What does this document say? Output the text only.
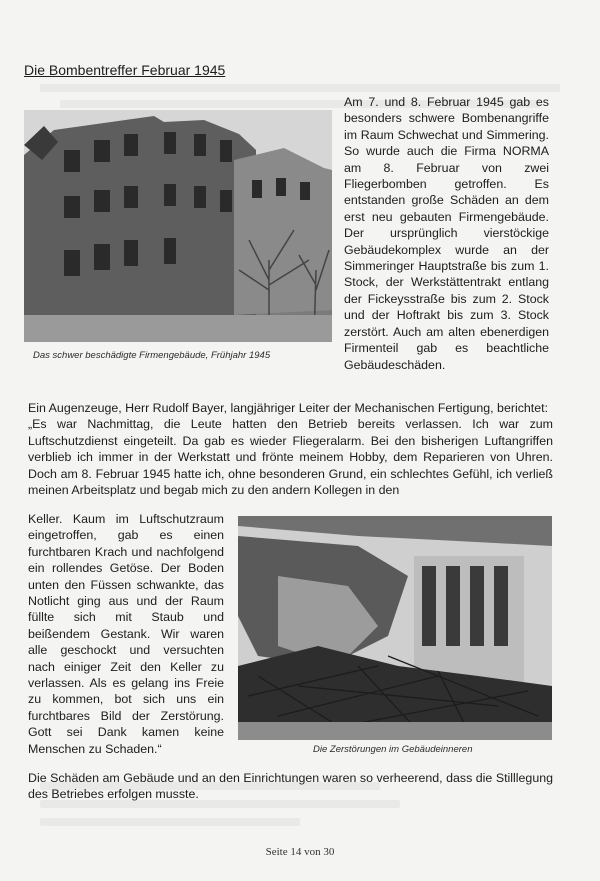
Die Bombentreffer Februar 1945
Das schwer beschädigte Firmengebäude, Frühjahr 1945

Am 7. und 8. Februar 1945 gab es besonders schwere Bombenangriffe im Raum Schwechat und Simmering. So wurde auch die Firma NORMA am 8. Februar von zwei Fliegerbomben getroffen. Es entstanden große Schäden an dem erst neu gebauten Firmengebäude. Der ursprünglich vierstöckige Gebäudekomplex wurde an der Simmeringer Hauptstraße bis zum 1. Stock, der Werkstättentrakt entlang der Fickeysstraße bis zum 2. Stock und der Hoftrakt bis zum 3. Stock zerstört. Auch am alten ebenerdigen Firmenteil gab es beachtliche Gebäudeschäden.

Ein Augenzeuge, Herr Rudolf Bayer, langjähriger Leiter der Mechanischen Fertigung, berichtet:

„Es war Nachmittag, die Leute hatten den Betrieb bereits verlassen. Ich war zum Luftschutzdienst eingeteilt. Da gab es wieder Fliegeralarm. Bei den bisherigen Luftangriffen verblieb ich immer in der Werkstatt und frönte meinem Hobby, dem Reparieren von Uhren. Doch am 8. Februar 1945 hatte ich, ohne besonderen Grund, ein schlechtes Gefühl, ich verließ meinen Arbeitsplatz und begab mich zu den andern Kollegen in den

Keller. Kaum im Luftschutzraum eingetroffen, gab es einen furchtbaren Krach und nachfolgend ein rollendes Getöse. Der Boden unten den Füssen schwankte, das Notlicht ging aus und der Raum füllte sich mit Staub und beißendem Gestank. Wir waren alle geschockt und versuchten nach einiger Zeit den Keller zu verlassen. Als es gelang ins Freie zu kommen, bot sich uns ein furchtbares Bild der Zerstörung. Gott sei Dank kamen keine Menschen zu Schaden.“	Die Zerstörungen im Gebäudeinneren

Die Schäden am Gebäude und an den Einrichtungen waren so verheerend, dass die Stilllegung des Betriebes erfolgen musste.

Seite 14 von 30
